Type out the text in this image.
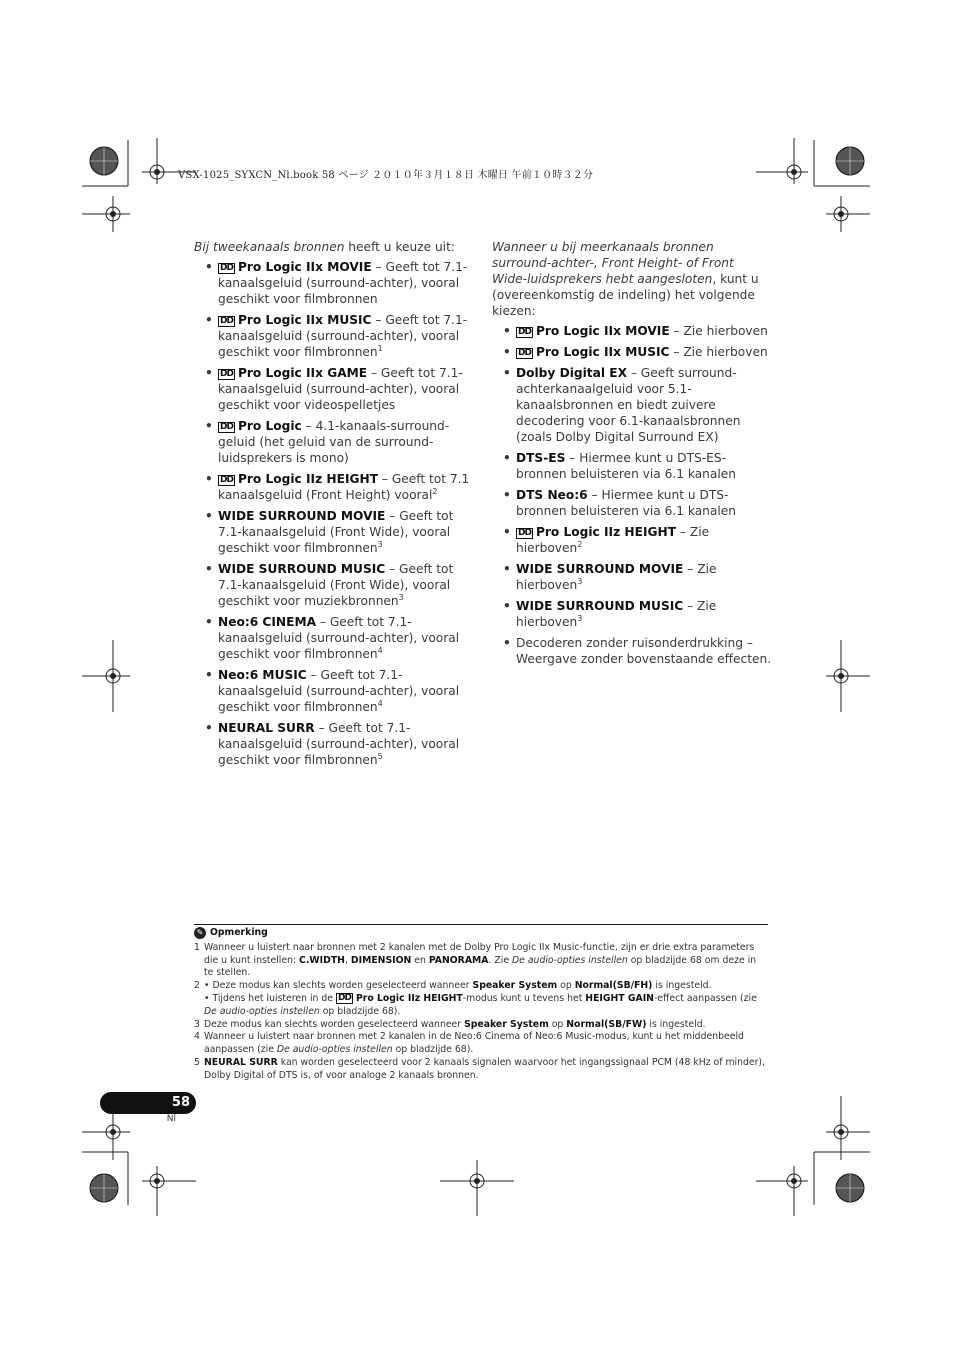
VSX-1025_SYXCN_Nl.book 58 ページ ２０１０年３月１８日 木曜日 午前１０時３２分

Bij tweekanaals bronnen heeft u keuze uit:

• DD Pro Logic IIx MOVIE – Geeft tot 7.1-kanaalsgeluid (surround-achter), vooral geschikt voor filmbronnen
• DD Pro Logic IIx MUSIC – Geeft tot 7.1-kanaalsgeluid (surround-achter), vooral geschikt voor filmbronnen$^1$
• DD Pro Logic IIx GAME – Geeft tot 7.1-kanaalsgeluid (surround-achter), vooral geschikt voor videospelletjes
• DD Pro Logic – 4.1-kanaals-surround-geluid (het geluid van de surround-luidsprekers is mono)
• DD Pro Logic IIz HEIGHT – Geeft tot 7.1 kanaalsgeluid (Front Height) vooral$^2$
• WIDE SURROUND MOVIE – Geeft tot 7.1-kanaalsgeluid (Front Wide), vooral geschikt voor filmbronnen$^3$
• WIDE SURROUND MUSIC – Geeft tot 7.1-kanaalsgeluid (Front Wide), vooral geschikt voor muziekbronnen$^3$
• Neo:6 CINEMA – Geeft tot 7.1-kanaalsgeluid (surround-achter), vooral geschikt voor filmbronnen$^4$
• Neo:6 MUSIC – Geeft tot 7.1-kanaalsgeluid (surround-achter), vooral geschikt voor filmbronnen$^4$
• NEURAL SURR – Geeft tot 7.1-kanaalsgeluid (surround-achter), vooral geschikt voor filmbronnen$^5$

Wanneer u bij meerkanaals bronnen surround-achter-, Front Height- of Front Wide-luidsprekers hebt aangesloten, kunt u (overeenkomstig de indeling) het volgende kiezen:

• DD Pro Logic IIx MOVIE – Zie hierboven
• DD Pro Logic IIx MUSIC – Zie hierboven
• Dolby Digital EX – Geeft surround-achterkanaalgeluid voor 5.1-kanaalsbronnen en biedt zuivere decodering voor 6.1-kanaalsbronnen (zoals Dolby Digital Surround EX)
• DTS-ES – Hiermee kunt u DTS-ES-bronnen beluisteren via 6.1 kanalen
• DTS Neo:6 – Hiermee kunt u DTS-bronnen beluisteren via 6.1 kanalen
• DD Pro Logic IIz HEIGHT – Zie hierboven$^2$
• WIDE SURROUND MOVIE – Zie hierboven$^3$
• WIDE SURROUND MUSIC – Zie hierboven$^3$
• Decoderen zonder ruisonderdrukking – Weergave zonder bovenstaande effecten.
✎ Opmerking
1 Wanneer u luistert naar bronnen met 2 kanalen met de Dolby Pro Logic IIx Music-functie, zijn er drie extra parameters die u kunt instellen: C.WIDTH, DIMENSION en PANORAMA. Zie De audio-opties instellen op bladzijde 68 om deze in te stellen.
2 • Deze modus kan slechts worden geselecteerd wanneer Speaker System op Normal(SB/FH) is ingesteld.
• Tijdens het luisteren in de DD Pro Logic IIz HEIGHT-modus kunt u tevens het HEIGHT GAIN-effect aanpassen (zie De audio-opties instellen op bladzijde 68).
3 Deze modus kan slechts worden geselecteerd wanneer Speaker System op Normal(SB/FW) is ingesteld.
4 Wanneer u luistert naar bronnen met 2 kanalen in de Neo:6 Cinema of Neo:6 Music-modus, kunt u het middenbeeld aanpassen (zie De audio-opties instellen op bladzijde 68).
5 NEURAL SURR kan worden geselecteerd voor 2 kanaals signalen waarvoor het ingangssignaal PCM (48 kHz of minder), Dolby Digital of DTS is, of voor analoge 2 kanaals bronnen.
58
Nl
